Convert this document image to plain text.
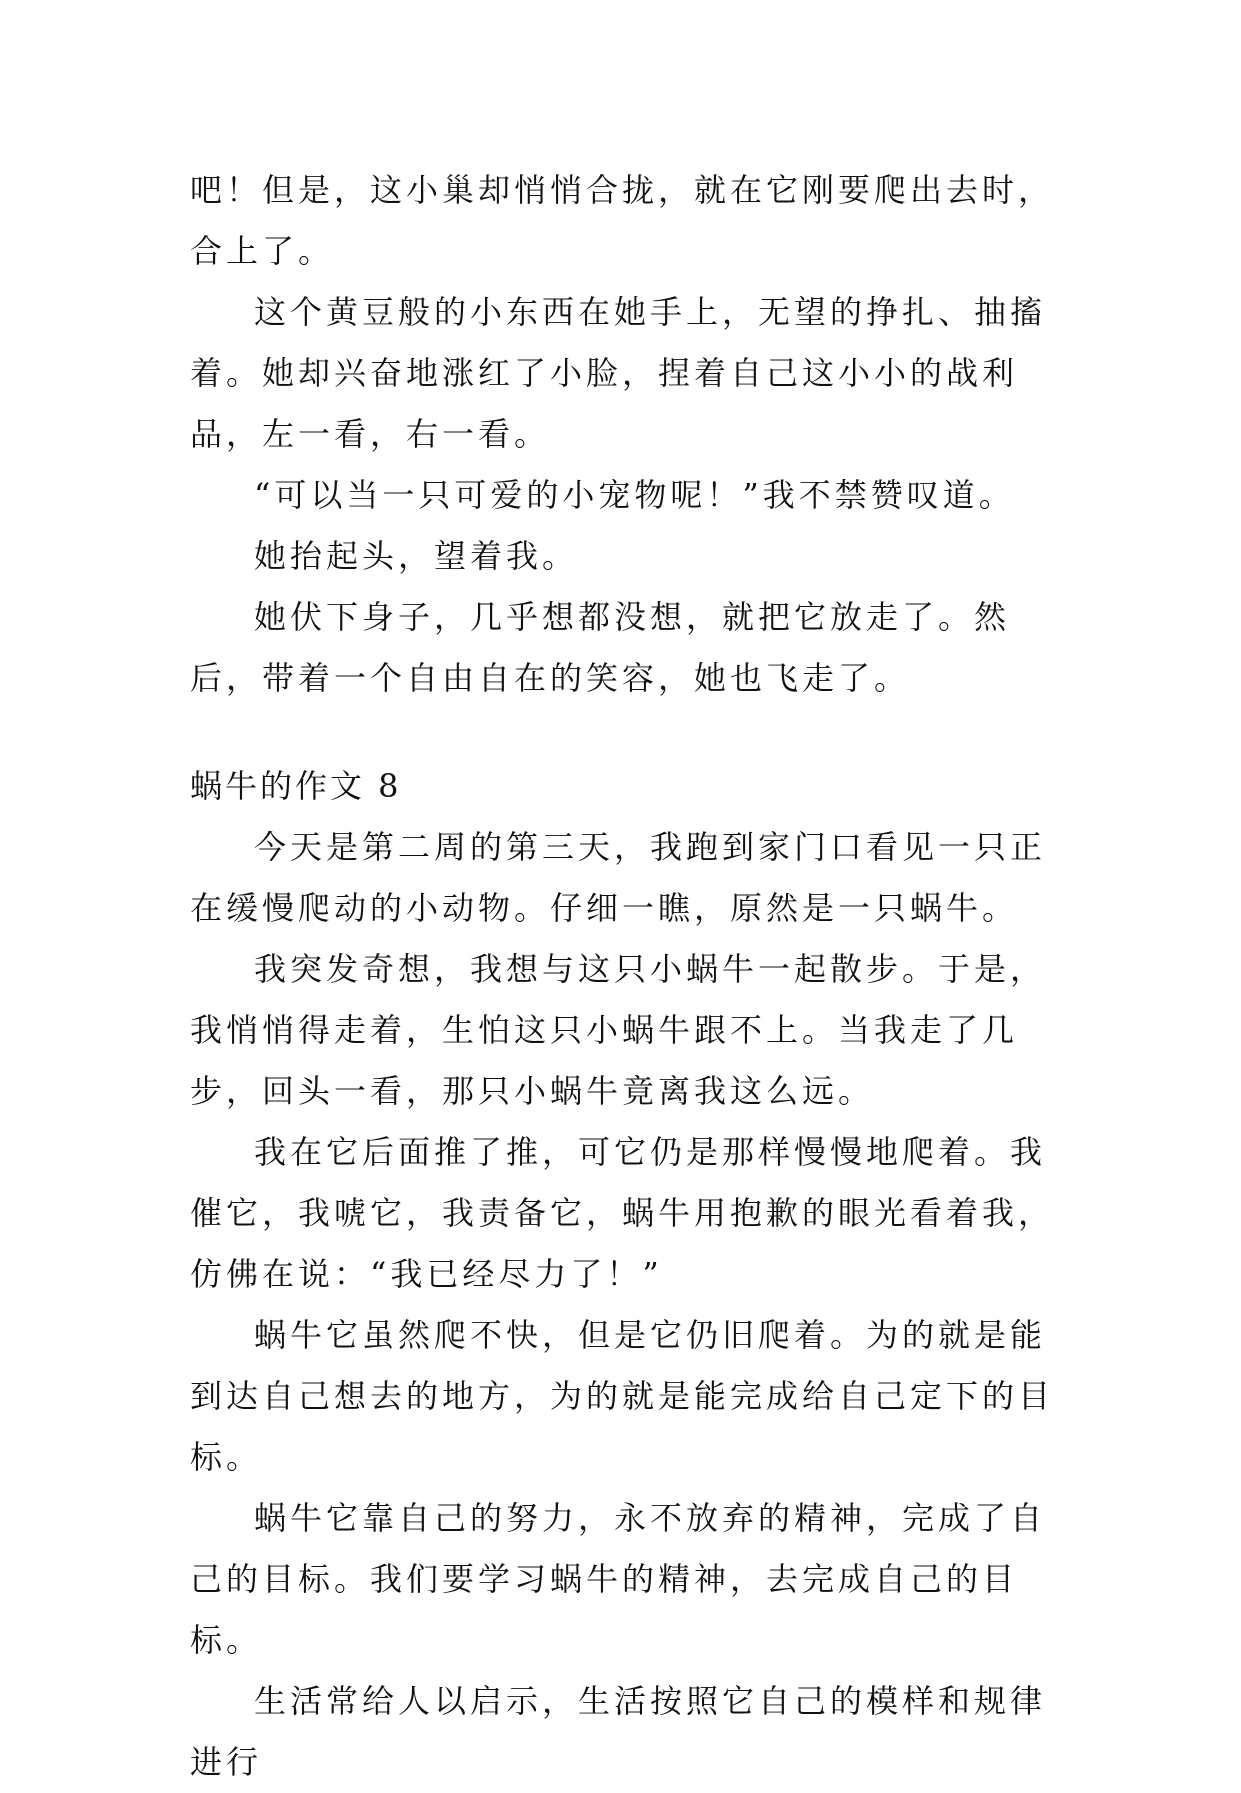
吧！但是，这小巢却悄悄合拢，就在它刚要爬出去时，合上了。

这个黄豆般的小东西在她手上，无望的挣扎、抽搐着。她却兴奋地涨红了小脸，捏着自己这小小的战利品，左一看，右一看。

“可以当一只可爱的小宠物呢！”我不禁赞叹道。

她抬起头，望着我。

她伏下身子，几乎想都没想，就把它放走了。然后，带着一个自由自在的笑容，她也飞走了。

蜗牛的作文 8

今天是第二周的第三天，我跑到家门口看见一只正在缓慢爬动的小动物。仔细一瞧，原然是一只蜗牛。

我突发奇想，我想与这只小蜗牛一起散步。于是，我悄悄得走着，生怕这只小蜗牛跟不上。当我走了几步，回头一看，那只小蜗牛竟离我这么远。

我在它后面推了推，可它仍是那样慢慢地爬着。我催它，我唬它，我责备它，蜗牛用抱歉的眼光看着我，仿佛在说：“我已经尽力了！”

蜗牛它虽然爬不快，但是它仍旧爬着。为的就是能到达自己想去的地方，为的就是能完成给自己定下的目标。

蜗牛它靠自己的努力，永不放弃的精神，完成了自己的目标。我们要学习蜗牛的精神，去完成自己的目标。

生活常给人以启示，生活按照它自己的模样和规律进行
